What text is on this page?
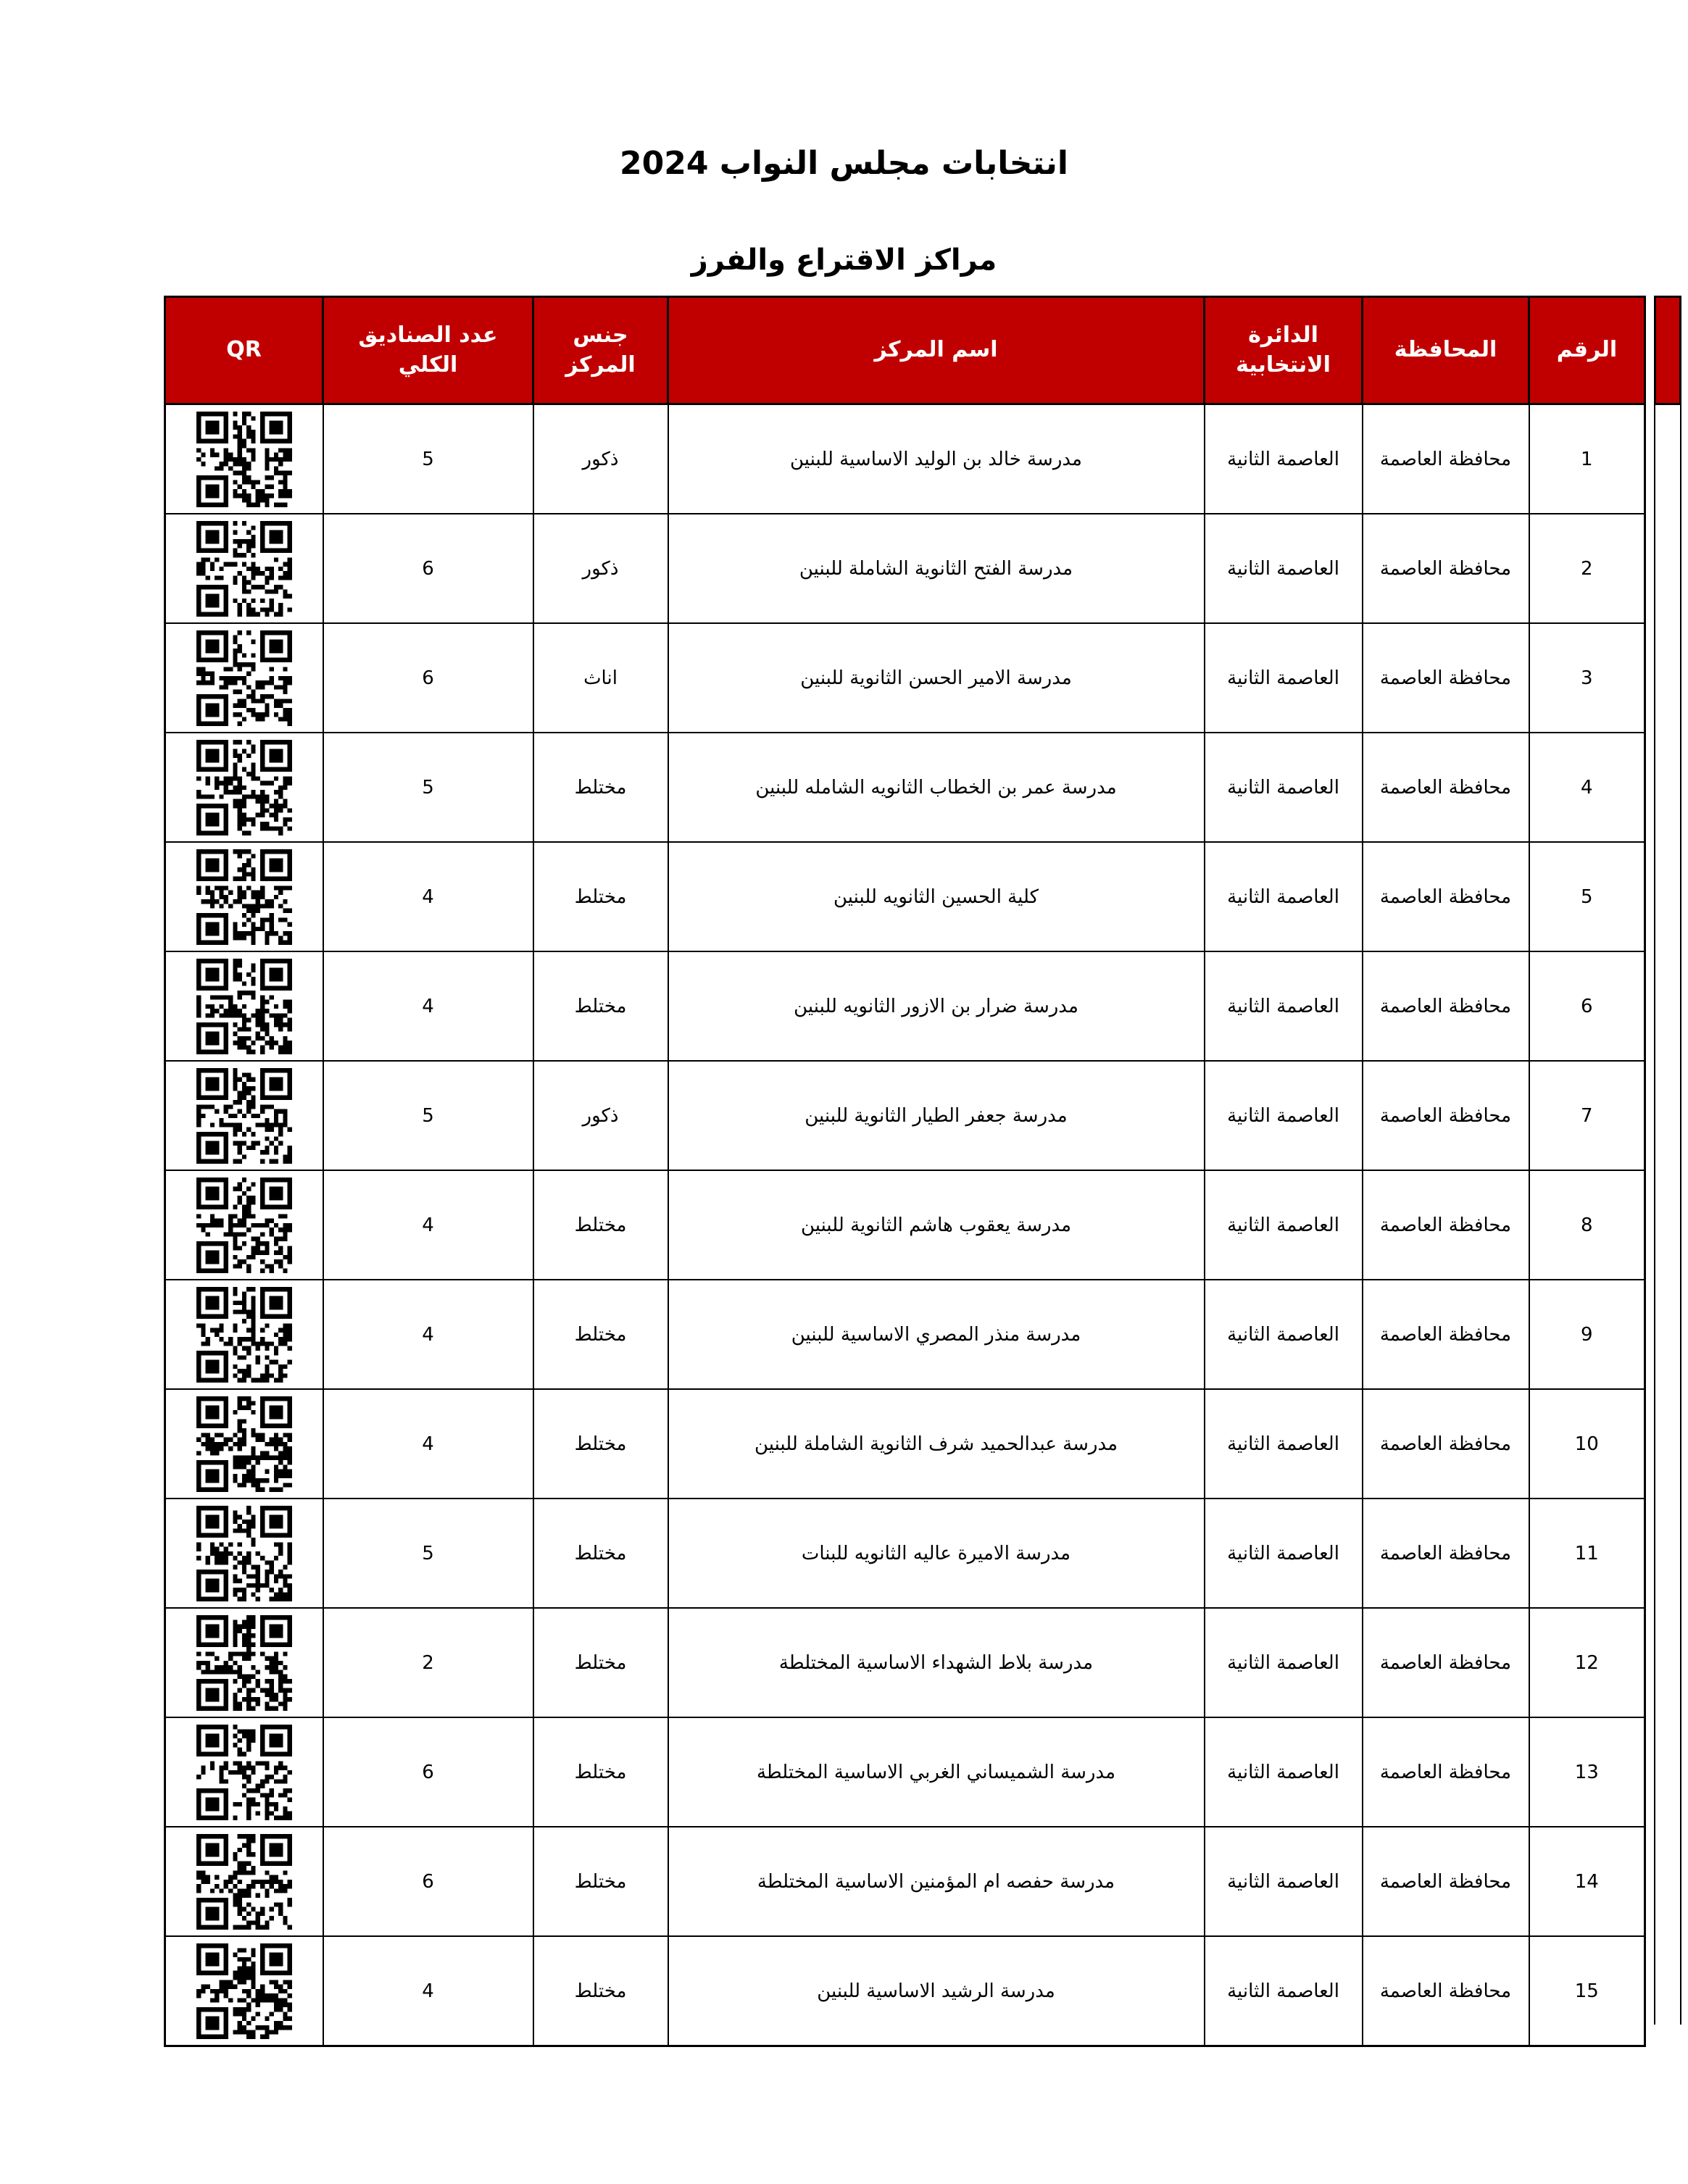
انتخابات مجلس النواب 2024
مراكز الاقتراع والفرز
الرقم	المحافظة	الدائرة الانتخابية	اسم المركز	جنس المركز	عدد الصناديق الكلي	QR
1	محافظة العاصمة	العاصمة الثانية	مدرسة خالد بن الوليد الاساسية للبنين	ذكور	5	

2	محافظة العاصمة	العاصمة الثانية	مدرسة الفتح الثانوية الشاملة للبنين	ذكور	6	

3	محافظة العاصمة	العاصمة الثانية	مدرسة الامير الحسن الثانوية للبنين	اناث	6	

4	محافظة العاصمة	العاصمة الثانية	مدرسة عمر بن الخطاب الثانويه الشامله للبنين	مختلط	5	

5	محافظة العاصمة	العاصمة الثانية	كلية الحسين الثانويه للبنين	مختلط	4	

6	محافظة العاصمة	العاصمة الثانية	مدرسة ضرار بن الازور الثانويه للبنين	مختلط	4	

7	محافظة العاصمة	العاصمة الثانية	مدرسة جعفر الطيار الثانوية للبنين	ذكور	5	

8	محافظة العاصمة	العاصمة الثانية	مدرسة يعقوب هاشم الثانوية للبنين	مختلط	4	

9	محافظة العاصمة	العاصمة الثانية	مدرسة منذر المصري الاساسية للبنين	مختلط	4	

10	محافظة العاصمة	العاصمة الثانية	مدرسة عبدالحميد شرف الثانوية الشاملة للبنين	مختلط	4	

11	محافظة العاصمة	العاصمة الثانية	مدرسة الاميرة عاليه الثانويه للبنات	مختلط	5	

12	محافظة العاصمة	العاصمة الثانية	مدرسة بلاط الشهداء الاساسية المختلطة	مختلط	2	

13	محافظة العاصمة	العاصمة الثانية	مدرسة الشميساني الغربي الاساسية المختلطة	مختلط	6	

14	محافظة العاصمة	العاصمة الثانية	مدرسة حفصه ام المؤمنين الاساسية المختلطة	مختلط	6	

15	محافظة العاصمة	العاصمة الثانية	مدرسة الرشيد الاساسية للبنين	مختلط	4	
